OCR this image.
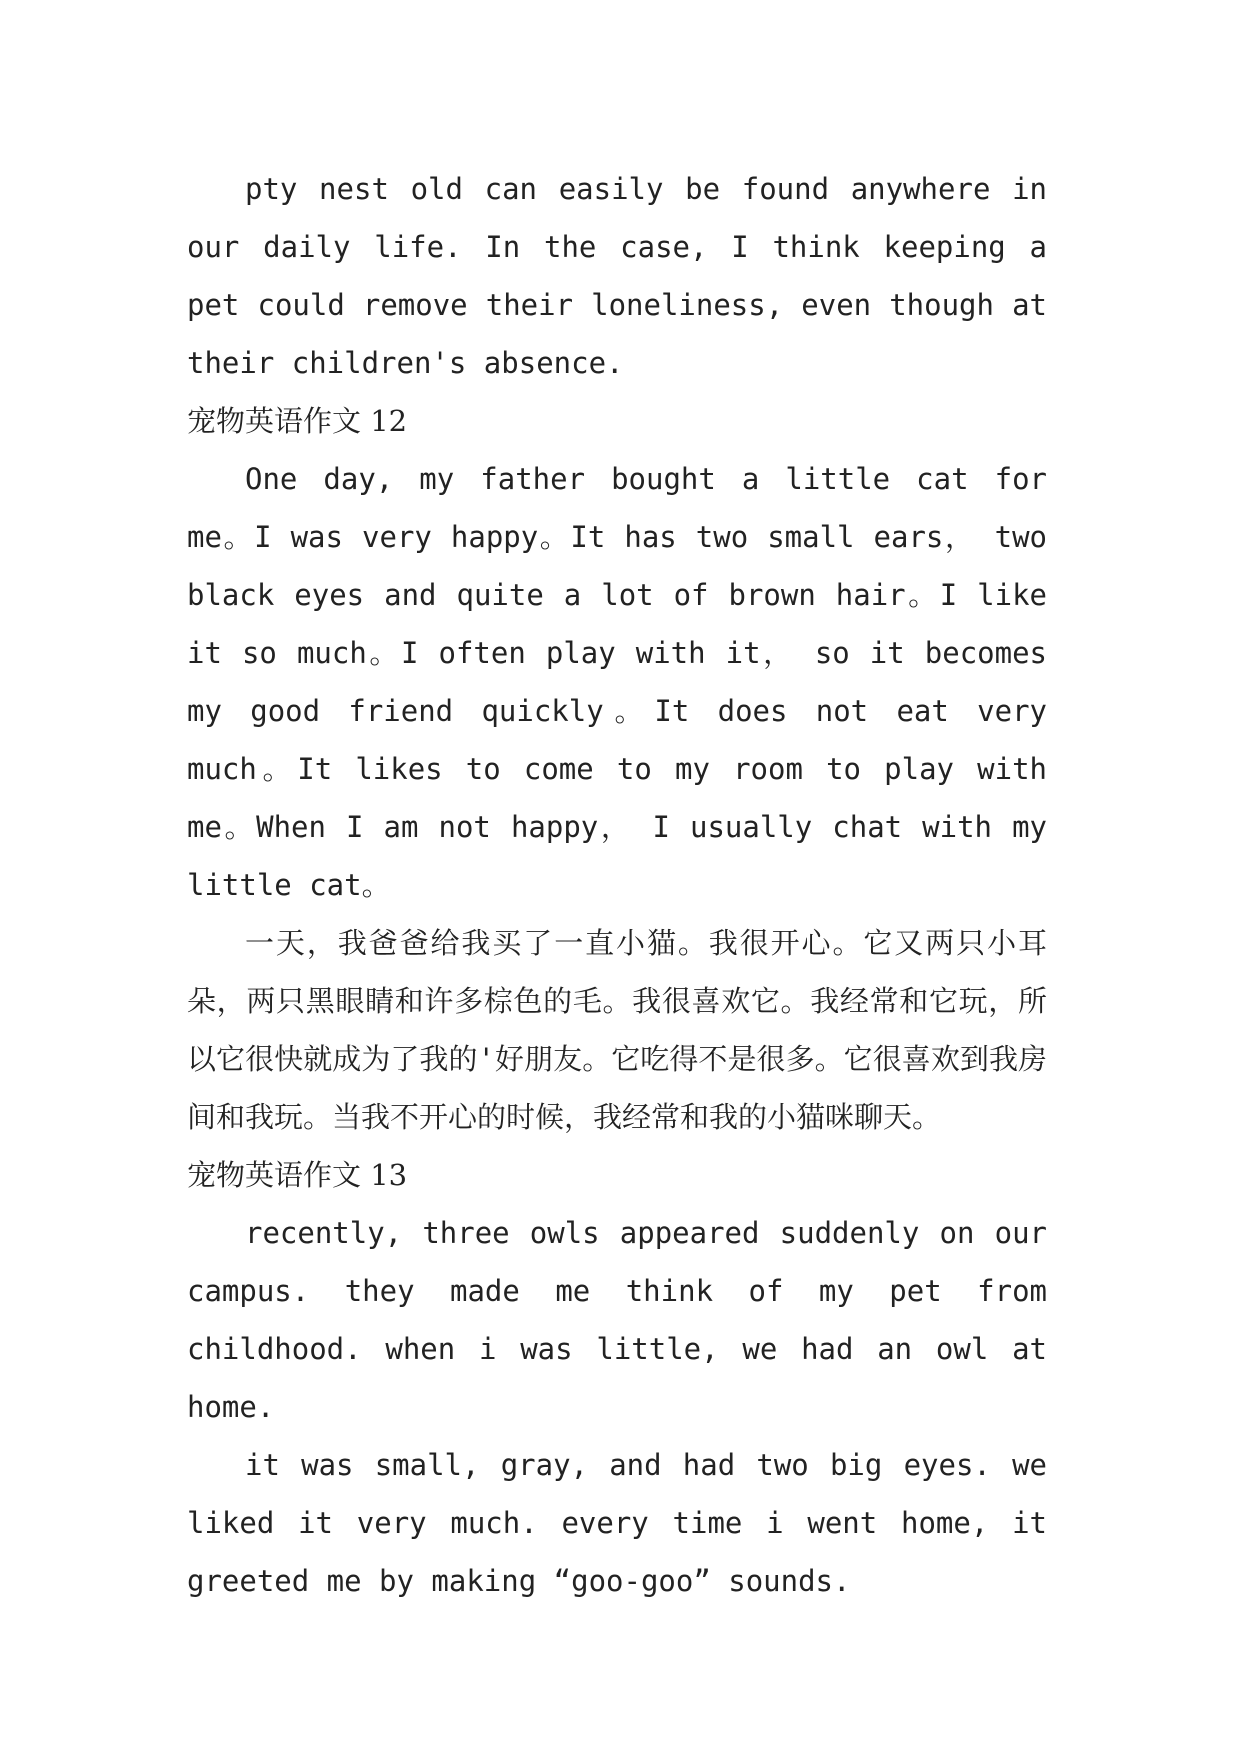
pty nest old can easily be found anywhere in our daily life. In the case, I think keeping a pet could remove their loneliness, even though at their children's absence.

宠物英语作文 12

One day, my father bought a little cat for me。I was very happy。It has two small ears， two black eyes and quite a lot of brown hair。I like it so much。I often play with it， so it becomes my good friend quickly。It does not eat very much。It likes to come to my room to play with me。When I am not happy， I usually chat with my little cat。

一天，我爸爸给我买了一直小猫。我很开心。它又两只小耳朵，两只黑眼睛和许多棕色的毛。我很喜欢它。我经常和它玩，所以它很快就成为了我的'好朋友。它吃得不是很多。它很喜欢到我房间和我玩。当我不开心的时候，我经常和我的小猫咪聊天。

宠物英语作文 13

recently, three owls appeared suddenly on our campus. they made me think of my pet from childhood. when i was little, we had an owl at home.

it was small, gray, and had two big eyes. we liked it very much. every time i went home, it greeted me by making “goo-goo” sounds.
